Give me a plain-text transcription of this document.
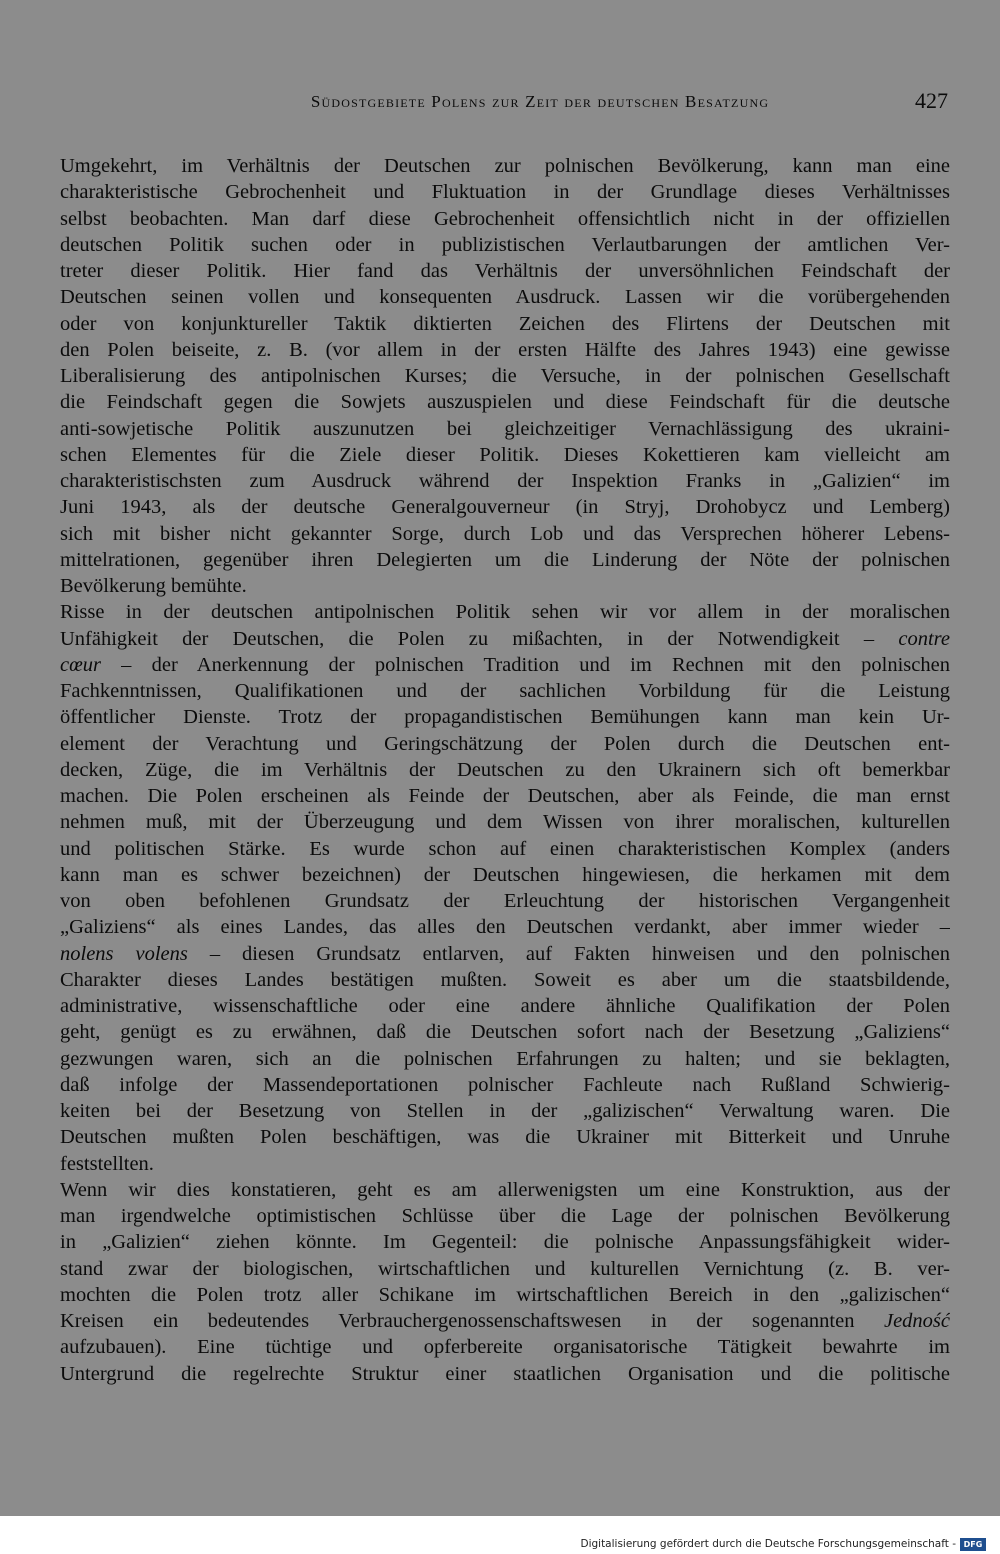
Südostgebiete Polens zur Zeit der deutschen Besatzung	427
Umgekehrt, im Verhältnis der Deutschen zur polnischen Bevölkerung, kann man eine
charakteristische Gebrochenheit und Fluktuation in der Grundlage dieses Verhältnisses
selbst beobachten. Man darf diese Gebrochenheit offensichtlich nicht in der offiziellen
deutschen Politik suchen oder in publizistischen Verlautbarungen der amtlichen Ver-
treter dieser Politik. Hier fand das Verhältnis der unversöhnlichen Feindschaft der
Deutschen seinen vollen und konsequenten Ausdruck. Lassen wir die vorübergehenden
oder von konjunktureller Taktik diktierten Zeichen des Flirtens der Deutschen mit
den Polen beiseite, z. B. (vor allem in der ersten Hälfte des Jahres 1943) eine gewisse
Liberalisierung des antipolnischen Kurses; die Versuche, in der polnischen Gesellschaft
die Feindschaft gegen die Sowjets auszuspielen und diese Feindschaft für die deutsche
anti-sowjetische Politik auszunutzen bei gleichzeitiger Vernachlässigung des ukraini-
schen Elementes für die Ziele dieser Politik. Dieses Kokettieren kam vielleicht am
charakteristischsten zum Ausdruck während der Inspektion Franks in „Galizien“ im
Juni 1943, als der deutsche Generalgouverneur (in Stryj, Drohobycz und Lemberg)
sich mit bisher nicht gekannter Sorge, durch Lob und das Versprechen höherer Lebens-
mittelrationen, gegenüber ihren Delegierten um die Linderung der Nöte der polnischen
Bevölkerung bemühte.
Risse in der deutschen antipolnischen Politik sehen wir vor allem in der moralischen
Unfähigkeit der Deutschen, die Polen zu mißachten, in der Notwendigkeit – contre
cœur – der Anerkennung der polnischen Tradition und im Rechnen mit den polnischen
Fachkenntnissen, Qualifikationen und der sachlichen Vorbildung für die Leistung
öffentlicher Dienste. Trotz der propagandistischen Bemühungen kann man kein Ur-
element der Verachtung und Geringschätzung der Polen durch die Deutschen ent-
decken, Züge, die im Verhältnis der Deutschen zu den Ukrainern sich oft bemerkbar
machen. Die Polen erscheinen als Feinde der Deutschen, aber als Feinde, die man ernst
nehmen muß, mit der Überzeugung und dem Wissen von ihrer moralischen, kulturellen
und politischen Stärke. Es wurde schon auf einen charakteristischen Komplex (anders
kann man es schwer bezeichnen) der Deutschen hingewiesen, die herkamen mit dem
von oben befohlenen Grundsatz der Erleuchtung der historischen Vergangenheit
„Galiziens“ als eines Landes, das alles den Deutschen verdankt, aber immer wieder –
nolens volens – diesen Grundsatz entlarven, auf Fakten hinweisen und den polnischen
Charakter dieses Landes bestätigen mußten. Soweit es aber um die staatsbildende,
administrative, wissenschaftliche oder eine andere ähnliche Qualifikation der Polen
geht, genügt es zu erwähnen, daß die Deutschen sofort nach der Besetzung „Galiziens“
gezwungen waren, sich an die polnischen Erfahrungen zu halten; und sie beklagten,
daß infolge der Massendeportationen polnischer Fachleute nach Rußland Schwierig-
keiten bei der Besetzung von Stellen in der „galizischen“ Verwaltung waren. Die
Deutschen mußten Polen beschäftigen, was die Ukrainer mit Bitterkeit und Unruhe
feststellten.
Wenn wir dies konstatieren, geht es am allerwenigsten um eine Konstruktion, aus der
man irgendwelche optimistischen Schlüsse über die Lage der polnischen Bevölkerung
in „Galizien“ ziehen könnte. Im Gegenteil: die polnische Anpassungsfähigkeit wider-
stand zwar der biologischen, wirtschaftlichen und kulturellen Vernichtung (z. B. ver-
mochten die Polen trotz aller Schikane im wirtschaftlichen Bereich in den „galizischen“
Kreisen ein bedeutendes Verbrauchergenossenschaftswesen in der sogenannten Jedność
aufzubauen). Eine tüchtige und opferbereite organisatorische Tätigkeit bewahrte im
Untergrund die regelrechte Struktur einer staatlichen Organisation und die politische
Digitalisierung gefördert durch die Deutsche Forschungsgemeinschaft - DFG
